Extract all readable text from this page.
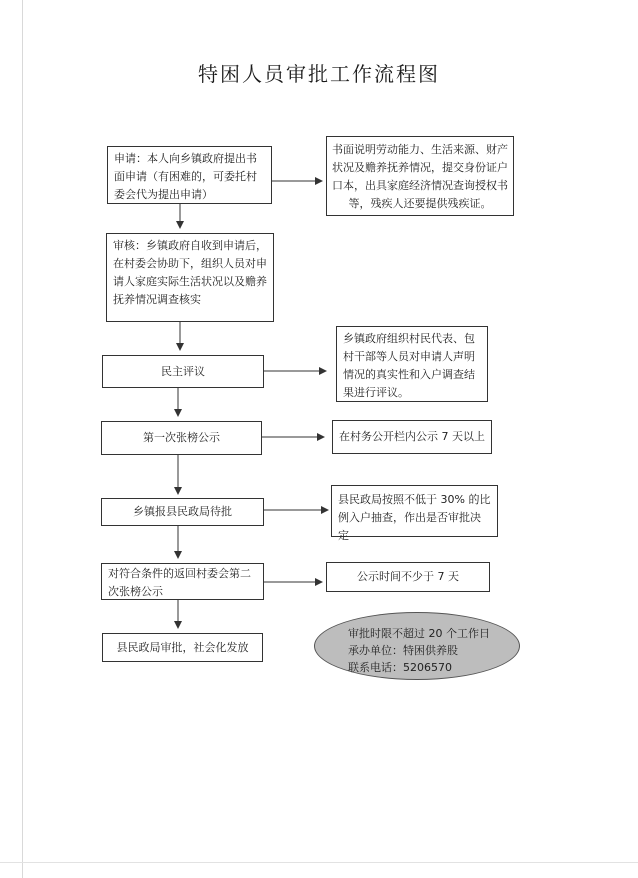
特困人员审批工作流程图
申请：本人向乡镇政府提出书
面申请（有困难的，可委托村
委会代为提出申请）
审核：乡镇政府自收到申请后，
在村委会协助下，组织人员对申
请人家庭实际生活状况以及赡养
抚养情况调查核实
民主评议
第一次张榜公示
乡镇报县民政局待批
对符合条件的返回村委会第二
次张榜公示
县民政局审批，社会化发放
书面说明劳动能力、生活来源、财产
状况及赡养抚养情况，提交身份证户
口本，出具家庭经济情况查询授权书
等，残疾人还要提供残疾证。
乡镇政府组织村民代表、包
村干部等人员对申请人声明
情况的真实性和入户调查结
果进行评议。
在村务公开栏内公示 7 天以上
县民政局按照不低于 30% 的比
例入户抽查，作出是否审批决定
公示时间不少于 7 天
审批时限不超过 20 个工作日
承办单位：特困供养股
联系电话：5206570
